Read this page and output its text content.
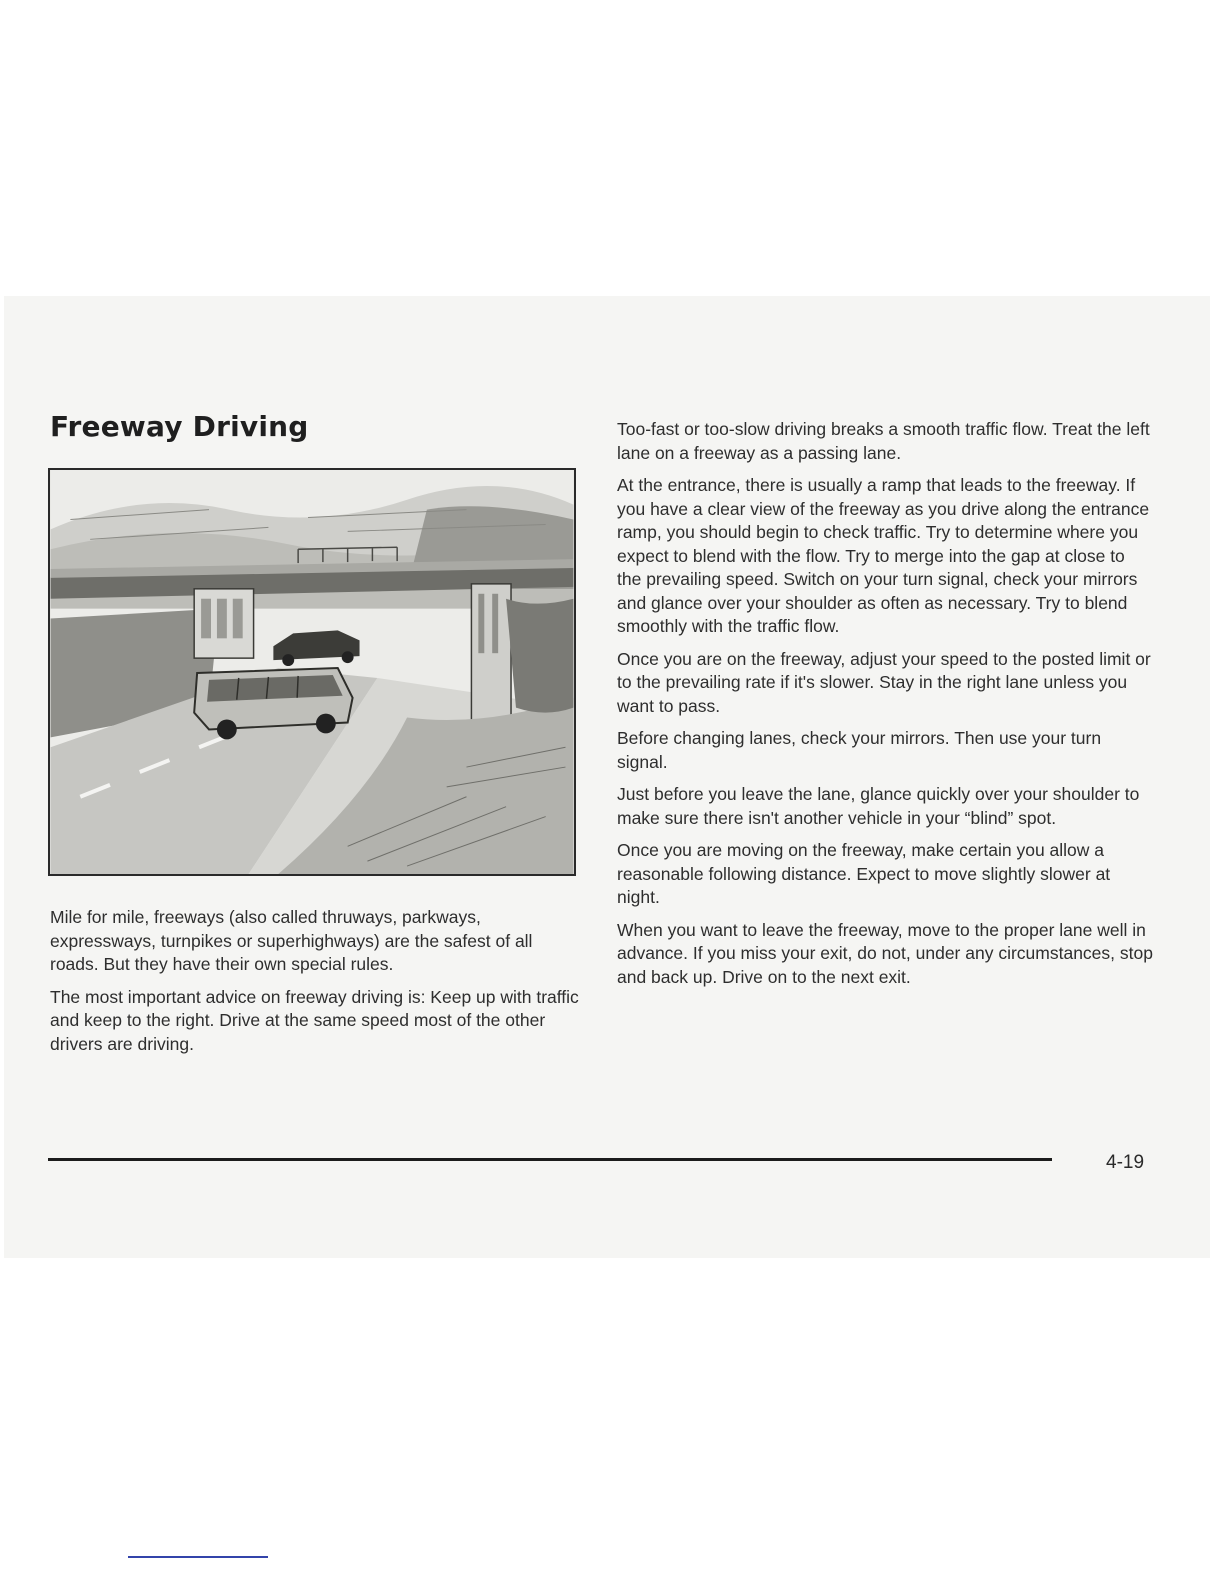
Freeway Driving

Mile for mile, freeways (also called thruways, parkways, expressways, turnpikes or superhighways) are the safest of all roads. But they have their own special rules.

The most important advice on freeway driving is: Keep up with traffic and keep to the right. Drive at the same speed most of the other drivers are driving.

Too-fast or too-slow driving breaks a smooth traffic flow. Treat the left lane on a freeway as a passing lane.

At the entrance, there is usually a ramp that leads to the freeway. If you have a clear view of the freeway as you drive along the entrance ramp, you should begin to check traffic. Try to determine where you expect to blend with the flow. Try to merge into the gap at close to the prevailing speed. Switch on your turn signal, check your mirrors and glance over your shoulder as often as necessary. Try to blend smoothly with the traffic flow.

Once you are on the freeway, adjust your speed to the posted limit or to the prevailing rate if it's slower. Stay in the right lane unless you want to pass.

Before changing lanes, check your mirrors. Then use your turn signal.

Just before you leave the lane, glance quickly over your shoulder to make sure there isn't another vehicle in your “blind” spot.

Once you are moving on the freeway, make certain you allow a reasonable following distance. Expect to move slightly slower at night.

When you want to leave the freeway, move to the proper lane well in advance. If you miss your exit, do not, under any circumstances, stop and back up. Drive on to the next exit.

4-19
